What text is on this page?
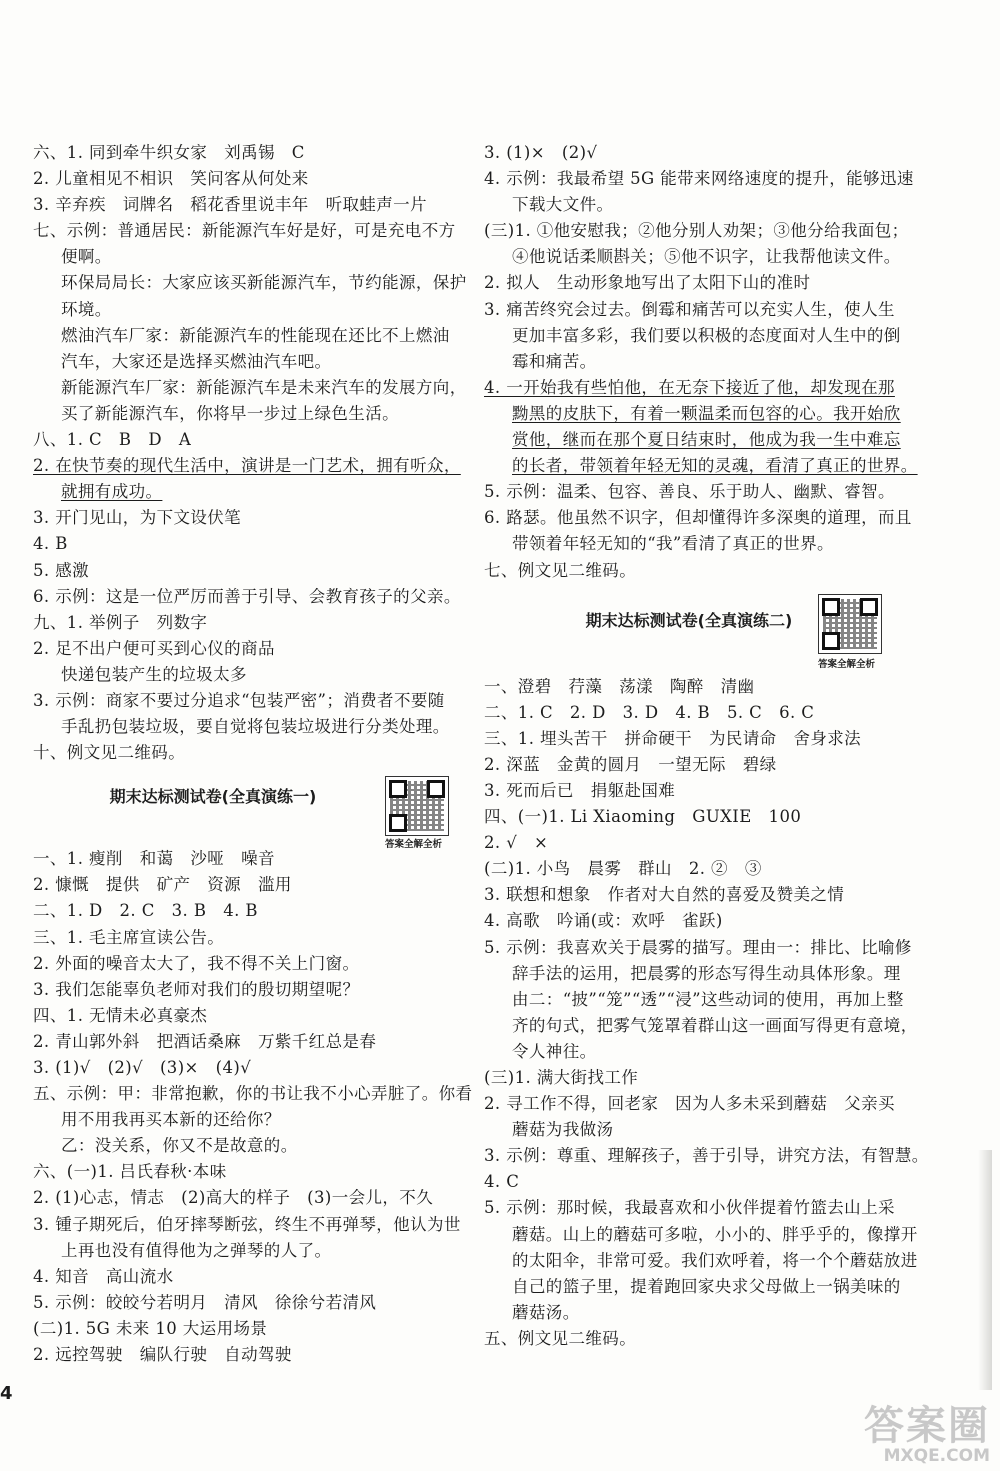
六、1. 同到牵牛织女家　刘禹锡　C
2. 儿童相见不相识　笑问客从何处来
3. 辛弃疾　词牌名　稻花香里说丰年　听取蛙声一片
七、示例：普通居民：新能源汽车好是好，可是充电不方
便啊。
环保局局长：大家应该买新能源汽车，节约能源，保护
环境。
燃油汽车厂家：新能源汽车的性能现在还比不上燃油
汽车，大家还是选择买燃油汽车吧。
新能源汽车厂家：新能源汽车是未来汽车的发展方向，
买了新能源汽车，你将早一步过上绿色生活。
八、1. C　B　D　A
2. 在快节奏的现代生活中，演讲是一门艺术，拥有听众，
就拥有成功。
3. 开门见山，为下文设伏笔
4. B
5. 感激
6. 示例：这是一位严厉而善于引导、会教育孩子的父亲。
九、1. 举例子　列数字
2. 足不出户便可买到心仪的商品
快递包装产生的垃圾太多
3. 示例：商家不要过分追求“包装严密”；消费者不要随
手乱扔包装垃圾，要自觉将包装垃圾进行分类处理。
十、例文见二维码。
期末达标测试卷(全真演练一)
答案全解全析
一、1. 瘦削　和蔼　沙哑　噪音
2. 慷慨　提供　矿产　资源　滥用
二、1. D　2. C　3. B　4. B
三、1. 毛主席宣读公告。
2. 外面的噪音太大了，我不得不关上门窗。
3. 我们怎能辜负老师对我们的殷切期望呢？
四、1. 无情未必真豪杰
2. 青山郭外斜　把酒话桑麻　万紫千红总是春
3. (1)√　(2)√　(3)×　(4)√
五、示例：甲：非常抱歉，你的书让我不小心弄脏了。你看
用不用我再买本新的还给你？
乙：没关系，你又不是故意的。
六、(一)1. 吕氏春秋·本味
2. (1)心志，情志　(2)高大的样子　(3)一会儿，不久
3. 锺子期死后，伯牙摔琴断弦，终生不再弹琴，他认为世
上再也没有值得他为之弹琴的人了。
4. 知音　高山流水
5. 示例：皎皎兮若明月　清风　徐徐兮若清风
(二)1. 5G 未来 10 大运用场景
2. 远控驾驶　编队行驶　自动驾驶
3. (1)×　(2)√
4. 示例：我最希望 5G 能带来网络速度的提升，能够迅速
下载大文件。
(三)1. ①他安慰我；②他分别人劝架；③他分给我面包；
④他说话柔顺斟关；⑤他不识字，让我帮他读文件。
2. 拟人　生动形象地写出了太阳下山的准时
3. 痛苦终究会过去。倒霉和痛苦可以充实人生，使人生
更加丰富多彩，我们要以积极的态度面对人生中的倒
霉和痛苦。
4. 一开始我有些怕他，在无奈下接近了他，却发现在那
黝黑的皮肤下，有着一颗温柔而包容的心。我开始欣
赏他，继而在那个夏日结束时，他成为我一生中难忘
的长者，带领着年轻无知的灵魂，看清了真正的世界。
5. 示例：温柔、包容、善良、乐于助人、幽默、睿智。
6. 路瑟。他虽然不识字，但却懂得许多深奥的道理，而且
带领着年轻无知的“我”看清了真正的世界。
七、例文见二维码。
期末达标测试卷(全真演练二)
答案全解全析
一、澄碧　荇藻　荡漾　陶醉　清幽
二、1. C　2. D　3. D　4. B　5. C　6. C
三、1. 埋头苦干　拼命硬干　为民请命　舍身求法
2. 深蓝　金黄的圆月　一望无际　碧绿
3. 死而后已　捐躯赴国难
四、(一)1. Li Xiaoming　GUXIE　100
2. √　×
(二)1. 小鸟　晨雾　群山　2. ②　③
3. 联想和想象　作者对大自然的喜爱及赞美之情
4. 高歌　吟诵(或：欢呼　雀跃)
5. 示例：我喜欢关于晨雾的描写。理由一：排比、比喻修
辞手法的运用，把晨雾的形态写得生动具体形象。理
由二：“披”“笼”“透”“浸”这些动词的使用，再加上整
齐的句式，把雾气笼罩着群山这一画面写得更有意境，
令人神往。
(三)1. 满大街找工作
2. 寻工作不得，回老家　因为人多未采到蘑菇　父亲买
蘑菇为我做汤
3. 示例：尊重、理解孩子，善于引导，讲究方法，有智慧。
4. C
5. 示例：那时候，我最喜欢和小伙伴提着竹篮去山上采
蘑菇。山上的蘑菇可多啦，小小的、胖乎乎的，像撑开
的太阳伞，非常可爱。我们欢呼着，将一个个蘑菇放进
自己的篮子里，提着跑回家央求父母做上一锅美味的
蘑菇汤。
五、例文见二维码。
4
答案圈
MXQE.COM
